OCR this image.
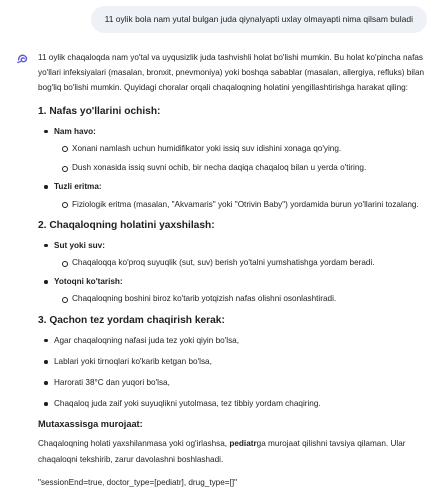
11 oylik bola nam yutal bulgan juda qiynalyapti uxlay olmayapti nima qilsam buladi

11 oylik chaqaloqda nam yo'tal va uyqusizlik juda tashvishli holat bo'lishi mumkin. Bu holat ko'pincha nafas yo'llari infeksiyalari (masalan, bronxit, pnevmoniya) yoki boshqa sabablar (masalan, allergiya, refluks) bilan bog'liq bo'lishi mumkin. Quyidagi choralar orqali chaqaloqning holatini yengillashtirishga harakat qiling:

1. Nafas yo'llarini ochish:
Nam havo:
Xonani namlash uchun humidifikator yoki issiq suv idishini xonaga qo'ying.
Dush xonasida issiq suvni ochib, bir necha daqiqa chaqaloq bilan u yerda o'tiring.
Tuzli eritma:
Fiziologik eritma (masalan, "Akvamaris" yoki "Otrivin Baby") yordamida burun yo'llarini tozalang.
2. Chaqaloqning holatini yaxshilash:
Sut yoki suv:
Chaqaloqqa ko'proq suyuqlik (sut, suv) berish yo'talni yumshatishga yordam beradi.
Yotoqni ko'tarish:
Chaqaloqning boshini biroz ko'tarib yotqizish nafas olishni osonlashtiradi.
3. Qachon tez yordam chaqirish kerak:
Agar chaqaloqning nafasi juda tez yoki qiyin bo'lsa,
Lablari yoki tirnoqlari ko'karib ketgan bo'lsa,
Harorati 38°C dan yuqori bo'lsa,
Chaqaloq juda zaif yoki suyuqlikni yutolmasa, tez tibbiy yordam chaqiring.
Mutaxassisga murojaat:

Chaqaloqning holati yaxshilanmasa yoki og'irlashsa, pediatrga murojaat qilishni tavsiya qilaman. Ular chaqaloqni tekshirib, zarur davolashni boshlashadi.

"sessionEnd=true, doctor_type=[pediatr], drug_type=[]"
